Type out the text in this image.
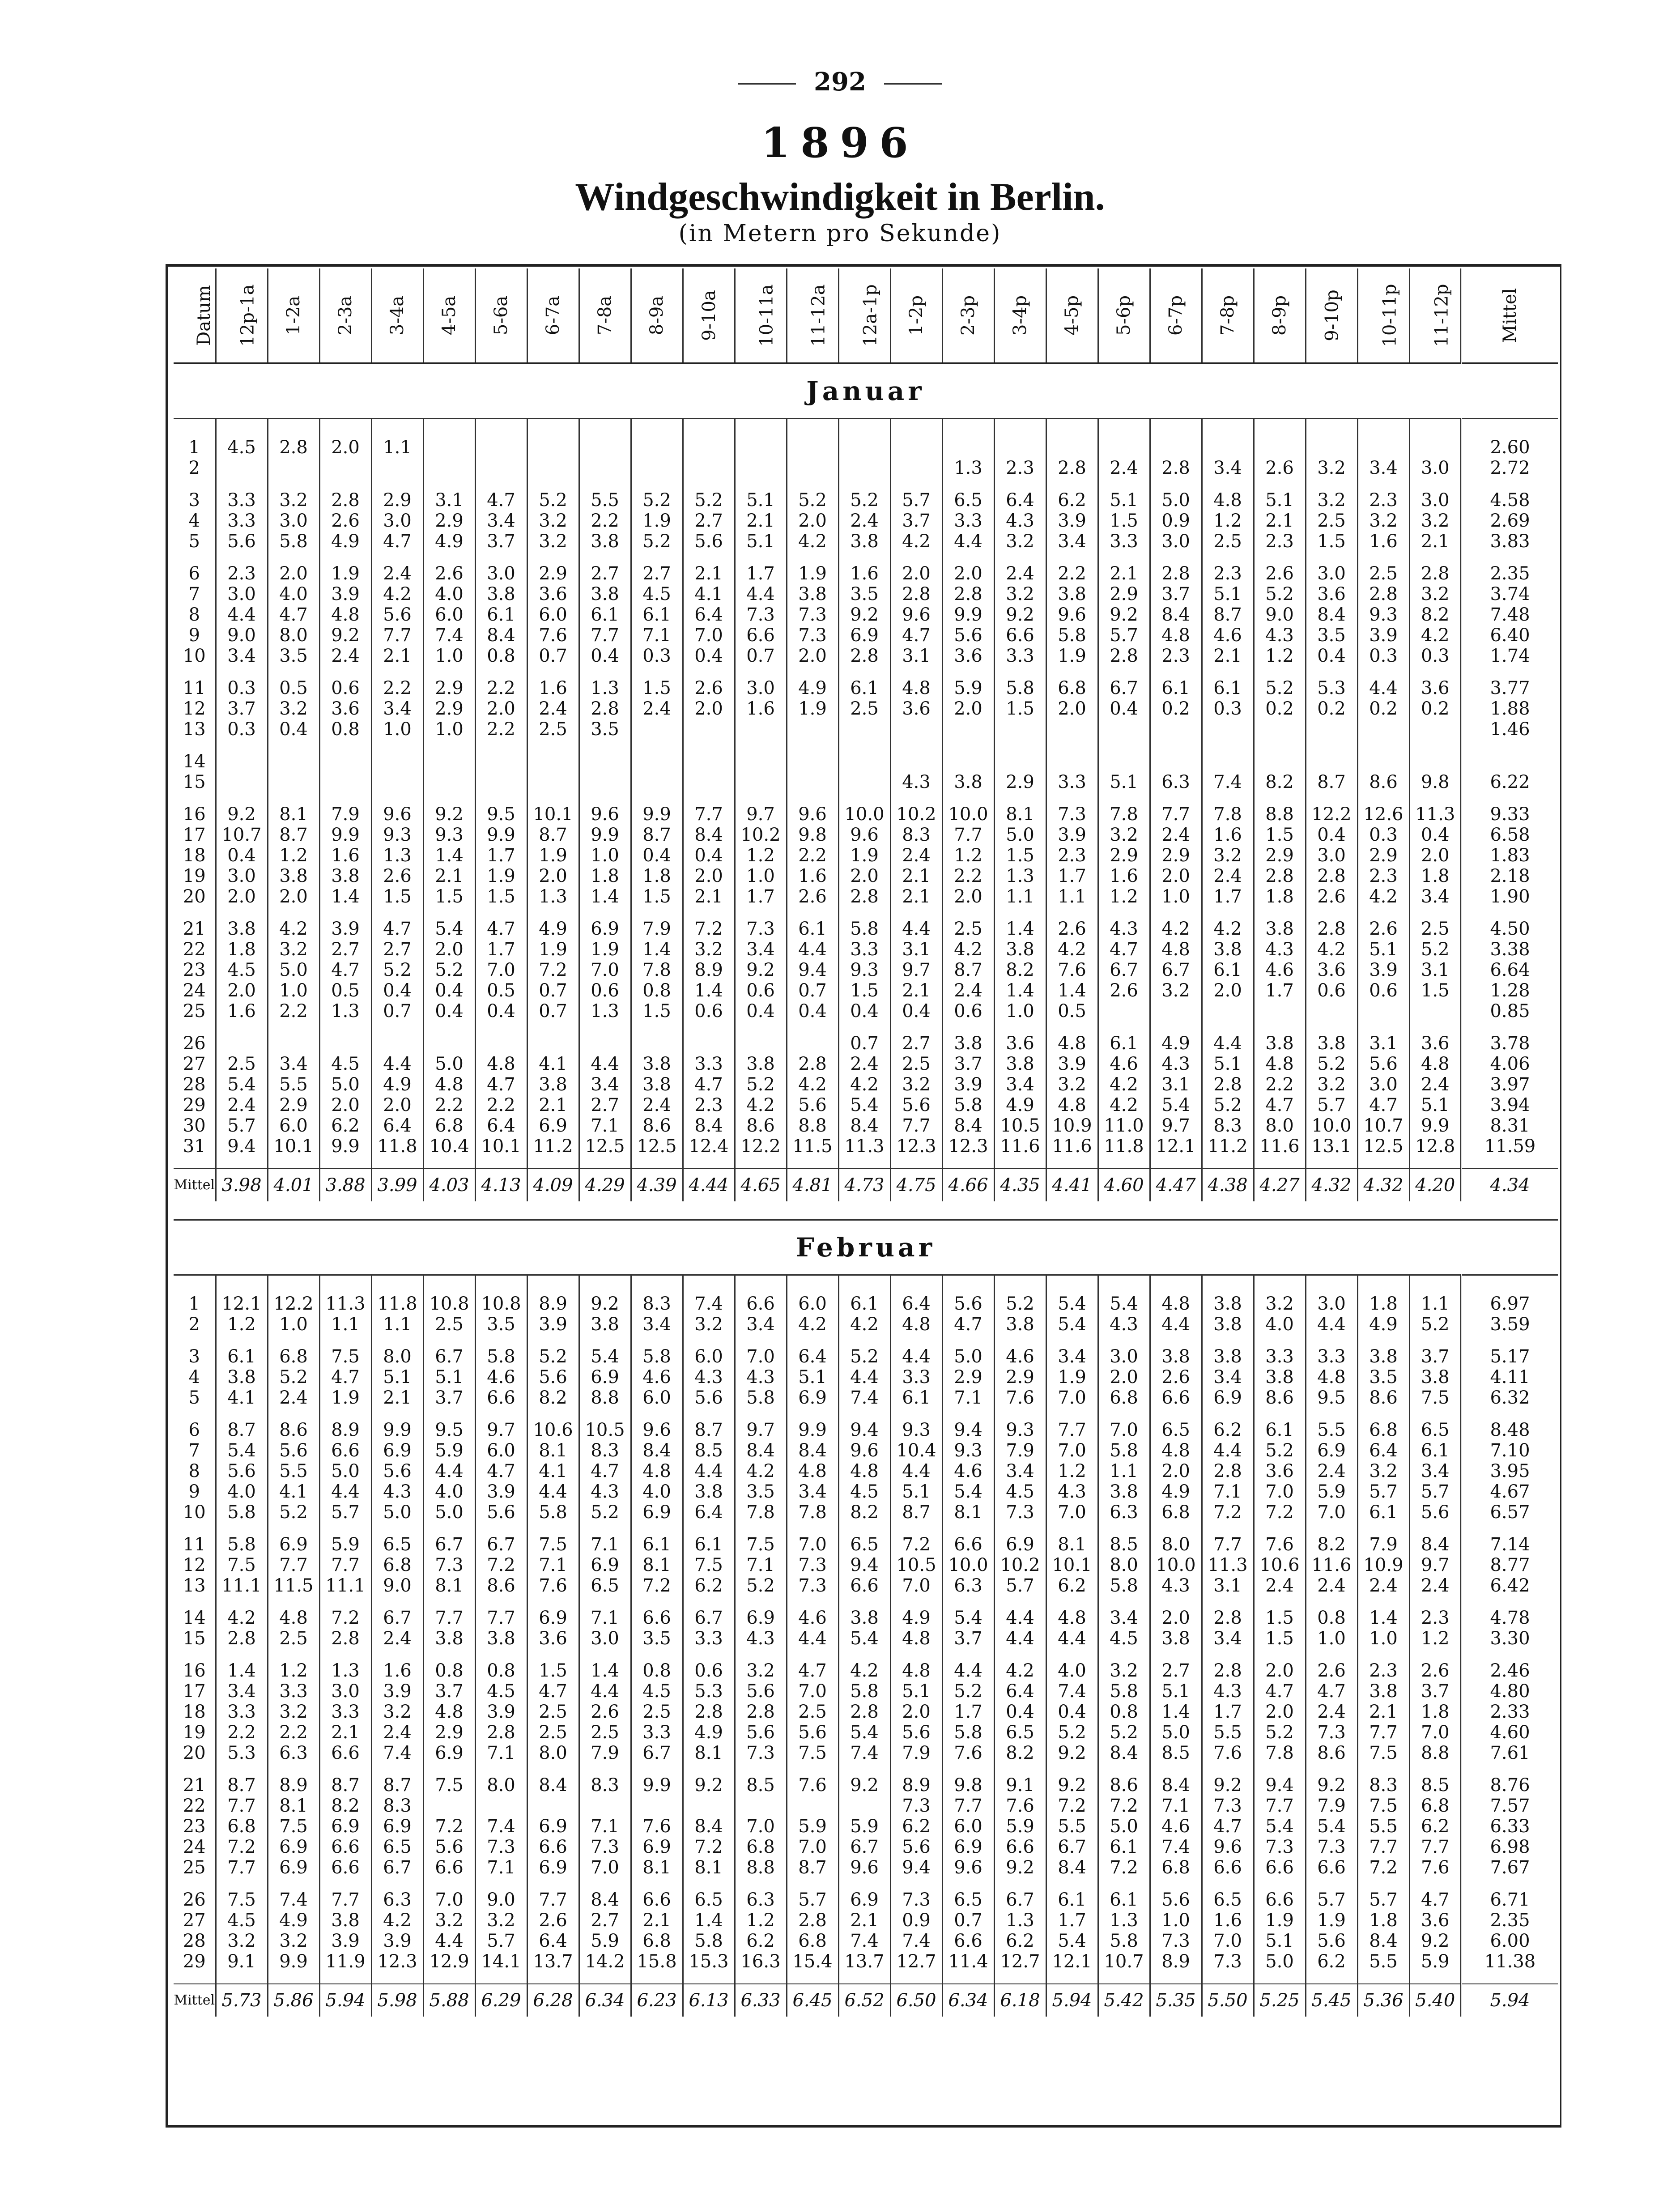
292
1896
Windgeschwindigkeit in Berlin.
(in Metern pro Sekunde)
Datum	12p-1a	1-2a	2-3a	3-4a	4-5a	5-6a	6-7a	7-8a	8-9a	9-10a	10-11a	11-12a	12a-1p	1-2p	2-3p	3-4p	4-5p	5-6p	6-7p	7-8p	8-9p	9-10p	10-11p	11-12p	Mittel
Januar																									

1	4.5	2.8	2.0	1.1																					2.60
2															1.3	2.3	2.8	2.4	2.8	3.4	2.6	3.2	3.4	3.0	2.72

3	3.3	3.2	2.8	2.9	3.1	4.7	5.2	5.5	5.2	5.2	5.1	5.2	5.2	5.7	6.5	6.4	6.2	5.1	5.0	4.8	5.1	3.2	2.3	3.0	4.58
4	3.3	3.0	2.6	3.0	2.9	3.4	3.2	2.2	1.9	2.7	2.1	2.0	2.4	3.7	3.3	4.3	3.9	1.5	0.9	1.2	2.1	2.5	3.2	3.2	2.69
5	5.6	5.8	4.9	4.7	4.9	3.7	3.2	3.8	5.2	5.6	5.1	4.2	3.8	4.2	4.4	3.2	3.4	3.3	3.0	2.5	2.3	1.5	1.6	2.1	3.83

6	2.3	2.0	1.9	2.4	2.6	3.0	2.9	2.7	2.7	2.1	1.7	1.9	1.6	2.0	2.0	2.4	2.2	2.1	2.8	2.3	2.6	3.0	2.5	2.8	2.35
7	3.0	4.0	3.9	4.2	4.0	3.8	3.6	3.8	4.5	4.1	4.4	3.8	3.5	2.8	2.8	3.2	3.8	2.9	3.7	5.1	5.2	3.6	2.8	3.2	3.74
8	4.4	4.7	4.8	5.6	6.0	6.1	6.0	6.1	6.1	6.4	7.3	7.3	9.2	9.6	9.9	9.2	9.6	9.2	8.4	8.7	9.0	8.4	9.3	8.2	7.48
9	9.0	8.0	9.2	7.7	7.4	8.4	7.6	7.7	7.1	7.0	6.6	7.3	6.9	4.7	5.6	6.6	5.8	5.7	4.8	4.6	4.3	3.5	3.9	4.2	6.40
10	3.4	3.5	2.4	2.1	1.0	0.8	0.7	0.4	0.3	0.4	0.7	2.0	2.8	3.1	3.6	3.3	1.9	2.8	2.3	2.1	1.2	0.4	0.3	0.3	1.74

11	0.3	0.5	0.6	2.2	2.9	2.2	1.6	1.3	1.5	2.6	3.0	4.9	6.1	4.8	5.9	5.8	6.8	6.7	6.1	6.1	5.2	5.3	4.4	3.6	3.77
12	3.7	3.2	3.6	3.4	2.9	2.0	2.4	2.8	2.4	2.0	1.6	1.9	2.5	3.6	2.0	1.5	2.0	0.4	0.2	0.3	0.2	0.2	0.2	0.2	1.88
13	0.3	0.4	0.8	1.0	1.0	2.2	2.5	3.5																	1.46

14																									
15														4.3	3.8	2.9	3.3	5.1	6.3	7.4	8.2	8.7	8.6	9.8	6.22

16	9.2	8.1	7.9	9.6	9.2	9.5	10.1	9.6	9.9	7.7	9.7	9.6	10.0	10.2	10.0	8.1	7.3	7.8	7.7	7.8	8.8	12.2	12.6	11.3	9.33
17	10.7	8.7	9.9	9.3	9.3	9.9	8.7	9.9	8.7	8.4	10.2	9.8	9.6	8.3	7.7	5.0	3.9	3.2	2.4	1.6	1.5	0.4	0.3	0.4	6.58
18	0.4	1.2	1.6	1.3	1.4	1.7	1.9	1.0	0.4	0.4	1.2	2.2	1.9	2.4	1.2	1.5	2.3	2.9	2.9	3.2	2.9	3.0	2.9	2.0	1.83
19	3.0	3.8	3.8	2.6	2.1	1.9	2.0	1.8	1.8	2.0	1.0	1.6	2.0	2.1	2.2	1.3	1.7	1.6	2.0	2.4	2.8	2.8	2.3	1.8	2.18
20	2.0	2.0	1.4	1.5	1.5	1.5	1.3	1.4	1.5	2.1	1.7	2.6	2.8	2.1	2.0	1.1	1.1	1.2	1.0	1.7	1.8	2.6	4.2	3.4	1.90

21	3.8	4.2	3.9	4.7	5.4	4.7	4.9	6.9	7.9	7.2	7.3	6.1	5.8	4.4	2.5	1.4	2.6	4.3	4.2	4.2	3.8	2.8	2.6	2.5	4.50
22	1.8	3.2	2.7	2.7	2.0	1.7	1.9	1.9	1.4	3.2	3.4	4.4	3.3	3.1	4.2	3.8	4.2	4.7	4.8	3.8	4.3	4.2	5.1	5.2	3.38
23	4.5	5.0	4.7	5.2	5.2	7.0	7.2	7.0	7.8	8.9	9.2	9.4	9.3	9.7	8.7	8.2	7.6	6.7	6.7	6.1	4.6	3.6	3.9	3.1	6.64
24	2.0	1.0	0.5	0.4	0.4	0.5	0.7	0.6	0.8	1.4	0.6	0.7	1.5	2.1	2.4	1.4	1.4	2.6	3.2	2.0	1.7	0.6	0.6	1.5	1.28
25	1.6	2.2	1.3	0.7	0.4	0.4	0.7	1.3	1.5	0.6	0.4	0.4	0.4	0.4	0.6	1.0	0.5								0.85

26													0.7	2.7	3.8	3.6	4.8	6.1	4.9	4.4	3.8	3.8	3.1	3.6	3.78
27	2.5	3.4	4.5	4.4	5.0	4.8	4.1	4.4	3.8	3.3	3.8	2.8	2.4	2.5	3.7	3.8	3.9	4.6	4.3	5.1	4.8	5.2	5.6	4.8	4.06
28	5.4	5.5	5.0	4.9	4.8	4.7	3.8	3.4	3.8	4.7	5.2	4.2	4.2	3.2	3.9	3.4	3.2	4.2	3.1	2.8	2.2	3.2	3.0	2.4	3.97
29	2.4	2.9	2.0	2.0	2.2	2.2	2.1	2.7	2.4	2.3	4.2	5.6	5.4	5.6	5.8	4.9	4.8	4.2	5.4	5.2	4.7	5.7	4.7	5.1	3.94
30	5.7	6.0	6.2	6.4	6.8	6.4	6.9	7.1	8.6	8.4	8.6	8.8	8.4	7.7	8.4	10.5	10.9	11.0	9.7	8.3	8.0	10.0	10.7	9.9	8.31
31	9.4	10.1	9.9	11.8	10.4	10.1	11.2	12.5	12.5	12.4	12.2	11.5	11.3	12.3	12.3	11.6	11.6	11.8	12.1	11.2	11.6	13.1	12.5	12.8	11.59

Mittel	3.98	4.01	3.88	3.99	4.03	4.13	4.09	4.29	4.39	4.44	4.65	4.81	4.73	4.75	4.66	4.35	4.41	4.60	4.47	4.38	4.27	4.32	4.32	4.20	4.34

Februar																									

1	12.1	12.2	11.3	11.8	10.8	10.8	8.9	9.2	8.3	7.4	6.6	6.0	6.1	6.4	5.6	5.2	5.4	5.4	4.8	3.8	3.2	3.0	1.8	1.1	6.97
2	1.2	1.0	1.1	1.1	2.5	3.5	3.9	3.8	3.4	3.2	3.4	4.2	4.2	4.8	4.7	3.8	5.4	4.3	4.4	3.8	4.0	4.4	4.9	5.2	3.59

3	6.1	6.8	7.5	8.0	6.7	5.8	5.2	5.4	5.8	6.0	7.0	6.4	5.2	4.4	5.0	4.6	3.4	3.0	3.8	3.8	3.3	3.3	3.8	3.7	5.17
4	3.8	5.2	4.7	5.1	5.1	4.6	5.6	6.9	4.6	4.3	4.3	5.1	4.4	3.3	2.9	2.9	1.9	2.0	2.6	3.4	3.8	4.8	3.5	3.8	4.11
5	4.1	2.4	1.9	2.1	3.7	6.6	8.2	8.8	6.0	5.6	5.8	6.9	7.4	6.1	7.1	7.6	7.0	6.8	6.6	6.9	8.6	9.5	8.6	7.5	6.32

6	8.7	8.6	8.9	9.9	9.5	9.7	10.6	10.5	9.6	8.7	9.7	9.9	9.4	9.3	9.4	9.3	7.7	7.0	6.5	6.2	6.1	5.5	6.8	6.5	8.48
7	5.4	5.6	6.6	6.9	5.9	6.0	8.1	8.3	8.4	8.5	8.4	8.4	9.6	10.4	9.3	7.9	7.0	5.8	4.8	4.4	5.2	6.9	6.4	6.1	7.10
8	5.6	5.5	5.0	5.6	4.4	4.7	4.1	4.7	4.8	4.4	4.2	4.8	4.8	4.4	4.6	3.4	1.2	1.1	2.0	2.8	3.6	2.4	3.2	3.4	3.95
9	4.0	4.1	4.4	4.3	4.0	3.9	4.4	4.3	4.0	3.8	3.5	3.4	4.5	5.1	5.4	4.5	4.3	3.8	4.9	7.1	7.0	5.9	5.7	5.7	4.67
10	5.8	5.2	5.7	5.0	5.0	5.6	5.8	5.2	6.9	6.4	7.8	7.8	8.2	8.7	8.1	7.3	7.0	6.3	6.8	7.2	7.2	7.0	6.1	5.6	6.57

11	5.8	6.9	5.9	6.5	6.7	6.7	7.5	7.1	6.1	6.1	7.5	7.0	6.5	7.2	6.6	6.9	8.1	8.5	8.0	7.7	7.6	8.2	7.9	8.4	7.14
12	7.5	7.7	7.7	6.8	7.3	7.2	7.1	6.9	8.1	7.5	7.1	7.3	9.4	10.5	10.0	10.2	10.1	8.0	10.0	11.3	10.6	11.6	10.9	9.7	8.77
13	11.1	11.5	11.1	9.0	8.1	8.6	7.6	6.5	7.2	6.2	5.2	7.3	6.6	7.0	6.3	5.7	6.2	5.8	4.3	3.1	2.4	2.4	2.4	2.4	6.42

14	4.2	4.8	7.2	6.7	7.7	7.7	6.9	7.1	6.6	6.7	6.9	4.6	3.8	4.9	5.4	4.4	4.8	3.4	2.0	2.8	1.5	0.8	1.4	2.3	4.78
15	2.8	2.5	2.8	2.4	3.8	3.8	3.6	3.0	3.5	3.3	4.3	4.4	5.4	4.8	3.7	4.4	4.4	4.5	3.8	3.4	1.5	1.0	1.0	1.2	3.30

16	1.4	1.2	1.3	1.6	0.8	0.8	1.5	1.4	0.8	0.6	3.2	4.7	4.2	4.8	4.4	4.2	4.0	3.2	2.7	2.8	2.0	2.6	2.3	2.6	2.46
17	3.4	3.3	3.0	3.9	3.7	4.5	4.7	4.4	4.5	5.3	5.6	7.0	5.8	5.1	5.2	6.4	7.4	5.8	5.1	4.3	4.7	4.7	3.8	3.7	4.80
18	3.3	3.2	3.3	3.2	4.8	3.9	2.5	2.6	2.5	2.8	2.8	2.5	2.8	2.0	1.7	0.4	0.4	0.8	1.4	1.7	2.0	2.4	2.1	1.8	2.33
19	2.2	2.2	2.1	2.4	2.9	2.8	2.5	2.5	3.3	4.9	5.6	5.6	5.4	5.6	5.8	6.5	5.2	5.2	5.0	5.5	5.2	7.3	7.7	7.0	4.60
20	5.3	6.3	6.6	7.4	6.9	7.1	8.0	7.9	6.7	8.1	7.3	7.5	7.4	7.9	7.6	8.2	9.2	8.4	8.5	7.6	7.8	8.6	7.5	8.8	7.61

21	8.7	8.9	8.7	8.7	7.5	8.0	8.4	8.3	9.9	9.2	8.5	7.6	9.2	8.9	9.8	9.1	9.2	8.6	8.4	9.2	9.4	9.2	8.3	8.5	8.76
22	7.7	8.1	8.2	8.3										7.3	7.7	7.6	7.2	7.2	7.1	7.3	7.7	7.9	7.5	6.8	7.57
23	6.8	7.5	6.9	6.9	7.2	7.4	6.9	7.1	7.6	8.4	7.0	5.9	5.9	6.2	6.0	5.9	5.5	5.0	4.6	4.7	5.4	5.4	5.5	6.2	6.33
24	7.2	6.9	6.6	6.5	5.6	7.3	6.6	7.3	6.9	7.2	6.8	7.0	6.7	5.6	6.9	6.6	6.7	6.1	7.4	9.6	7.3	7.3	7.7	7.7	6.98
25	7.7	6.9	6.6	6.7	6.6	7.1	6.9	7.0	8.1	8.1	8.8	8.7	9.6	9.4	9.6	9.2	8.4	7.2	6.8	6.6	6.6	6.6	7.2	7.6	7.67

26	7.5	7.4	7.7	6.3	7.0	9.0	7.7	8.4	6.6	6.5	6.3	5.7	6.9	7.3	6.5	6.7	6.1	6.1	5.6	6.5	6.6	5.7	5.7	4.7	6.71
27	4.5	4.9	3.8	4.2	3.2	3.2	2.6	2.7	2.1	1.4	1.2	2.8	2.1	0.9	0.7	1.3	1.7	1.3	1.0	1.6	1.9	1.9	1.8	3.6	2.35
28	3.2	3.2	3.9	3.9	4.4	5.7	6.4	5.9	6.8	5.8	6.2	6.8	7.4	7.4	6.6	6.2	5.4	5.8	7.3	7.0	5.1	5.6	8.4	9.2	6.00
29	9.1	9.9	11.9	12.3	12.9	14.1	13.7	14.2	15.8	15.3	16.3	15.4	13.7	12.7	11.4	12.7	12.1	10.7	8.9	7.3	5.0	6.2	5.5	5.9	11.38

Mittel	5.73	5.86	5.94	5.98	5.88	6.29	6.28	6.34	6.23	6.13	6.33	6.45	6.52	6.50	6.34	6.18	5.94	5.42	5.35	5.50	5.25	5.45	5.36	5.40	5.94
